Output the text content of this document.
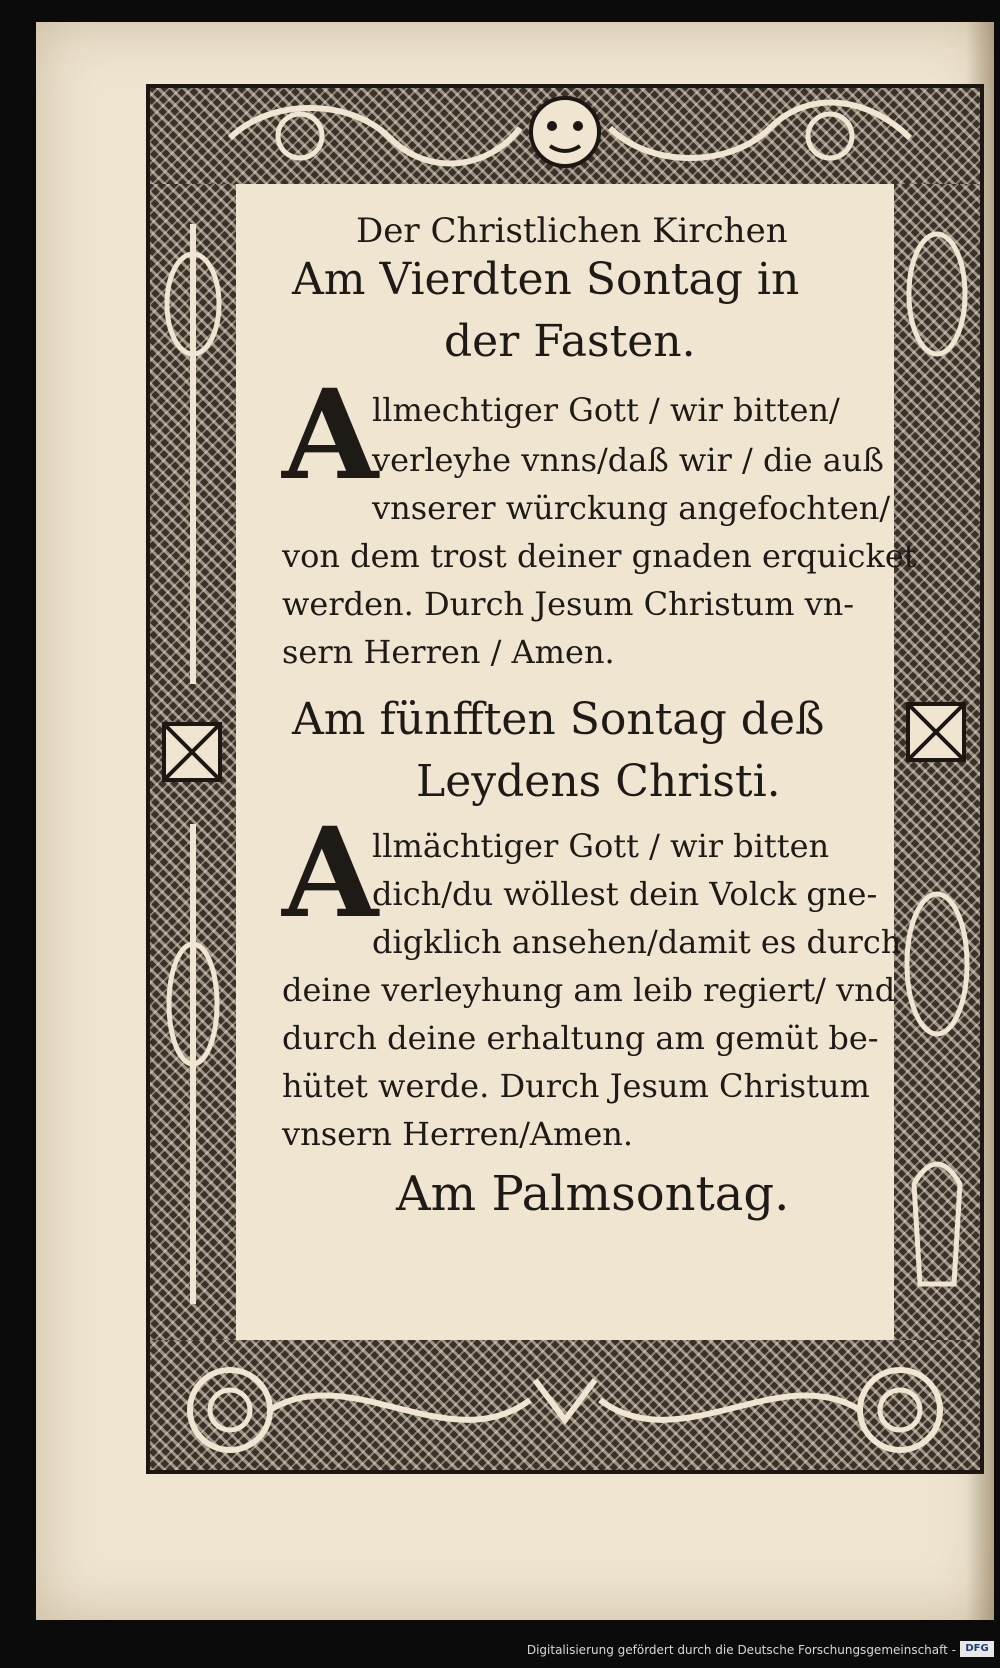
Der Christlichen Kirchen
Am Vierdten Sontag in
der Fasten.
A
llmechtiger Gott / wir bitten/
verleyhe vnns/daß wir / die auß
vnserer würckung angefochten/
von dem trost deiner gnaden erquicket
werden. Durch Jesum Christum vn-
sern Herren / Amen.
Am fünfften Sontag deß
Leydens Christi.
A
llmächtiger Gott / wir bitten
dich/du wöllest dein Volck gne-
digklich ansehen/damit es durch
deine verleyhung am leib regiert/ vnd
durch deine erhaltung am gemüt be-
hütet werde. Durch Jesum Christum
vnsern Herren/Amen.
Am Palmsontag.
Digitalisierung gefördert durch die Deutsche Forschungsgemeinschaft - DFG
